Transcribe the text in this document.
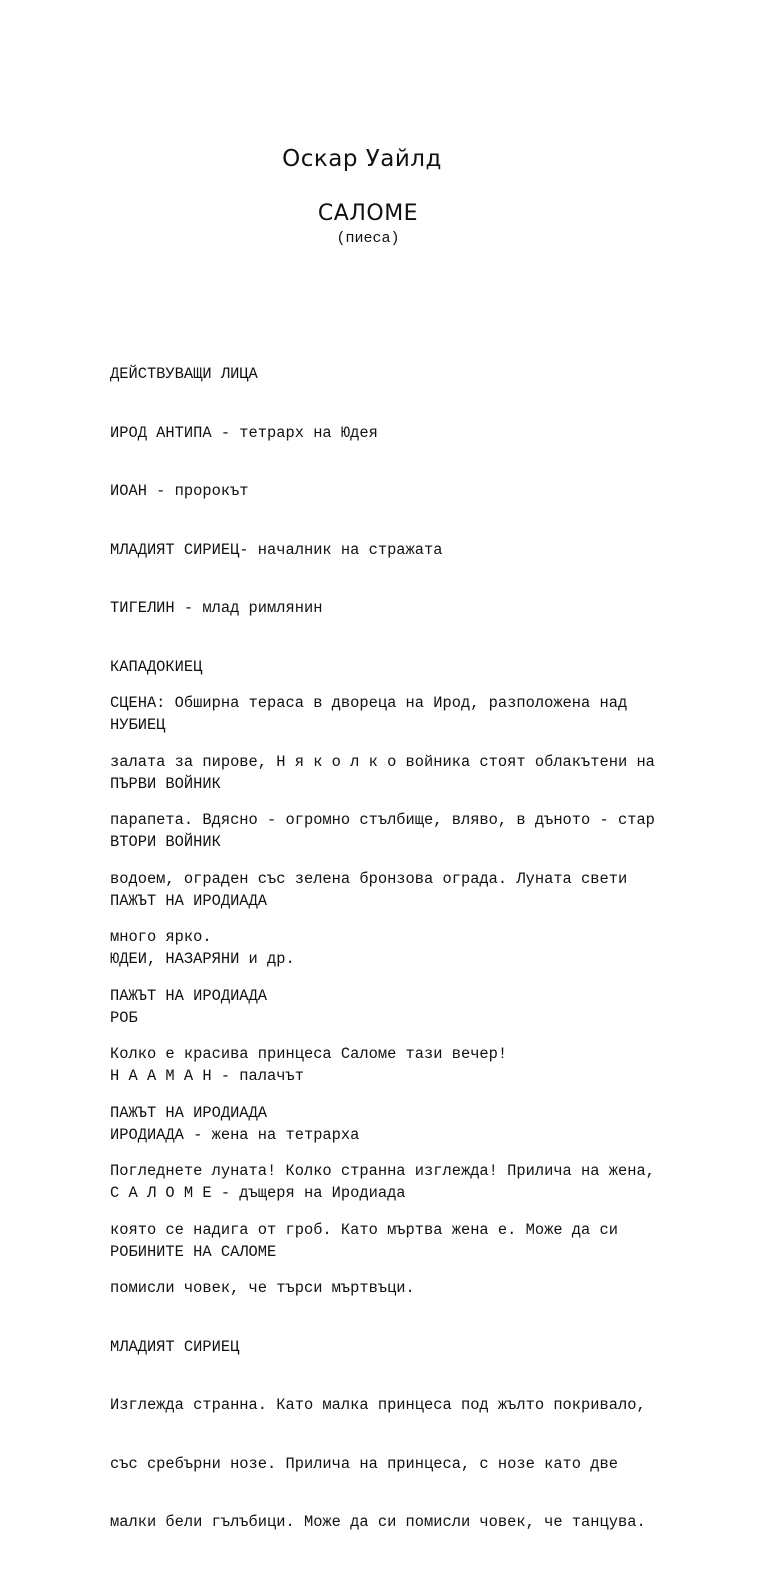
Оскар Уайлд
САЛОМЕ
(пиеса)

ДЕЙСТВУВАЩИ ЛИЦА

ИРОД АНТИПА - тетрарх на Юдея

ИОАН - пророкът

МЛАДИЯТ СИРИЕЦ- началник на стражата

ТИГЕЛИН - млад римлянин

КАПАДОКИЕЦ

НУБИЕЦ

ПЪРВИ ВОЙНИК

ВТОРИ ВОЙНИК

ПАЖЪТ НА ИРОДИАДА

ЮДЕИ, НАЗАРЯНИ и др.

РОБ

Н А А М А Н - палачът

ИРОДИАДА - жена на тетрарха

С А Л О М Е - дъщеря на Иродиада

РОБИНИТЕ НА САЛОМЕ

СЦЕНА: Обширна тераса в двореца на Ирод, разположена над

залата за пирове, Н я к о л к о войника стоят облакътени на

парапета. Вдясно - огромно стълбище, вляво, в дъното - стар

водоем, ограден със зелена бронзова ограда. Луната свети

много ярко.

ПАЖЪТ НА ИРОДИАДА

Колко е красива принцеса Саломе тази вечер!

ПАЖЪТ НА ИРОДИАДА

Погледнете луната! Колко странна изглежда! Прилича на жена,

която се надига от гроб. Като мъртва жена е. Може да си

помисли човек, че търси мъртвъци.

МЛАДИЯТ СИРИЕЦ

Изглежда странна. Като малка принцеса под жълто покривало,

със сребърни нозе. Прилича на принцеса, с нозе като две

малки бели гълъбици. Може да си помисли човек, че танцува.
